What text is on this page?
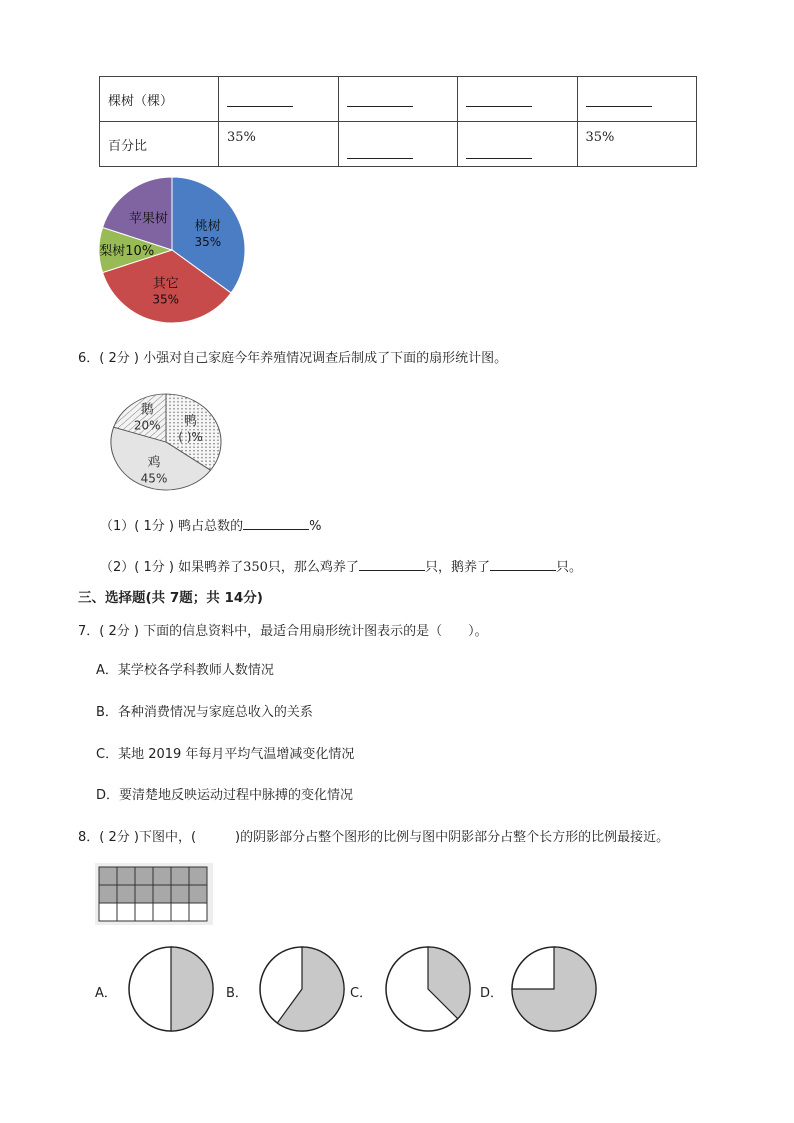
棵树（棵）				
百分比	35%			35%
桃树
35%
其它
35%
梨树10%
苹果树
6．( 2分 ) 小强对自己家庭今年养殖情况调查后制成了下面的扇形统计图。
鸭
( )%
鸡
45%
鹅
20%
（1）( 1分 ) 鸭占总数的	%
（2）( 1分 ) 如果鸭养了350只，那么鸡养了	只，鹅养了	只。
三、选择题(共 7题；共 14分)
7．( 2分 ) 下面的信息资料中，最适合用扇形统计图表示的是（　　）。
A．某学校各学科教师人数情况
B．各种消费情况与家庭总收入的关系
C．某地 2019 年每月平均气温增减变化情况
D．要清楚地反映运动过程中脉搏的变化情况
8．( 2分 )下图中，(　　　)的阴影部分占整个图形的比例与图中阴影部分占整个长方形的比例最接近。
A．	B．	C．	D．
